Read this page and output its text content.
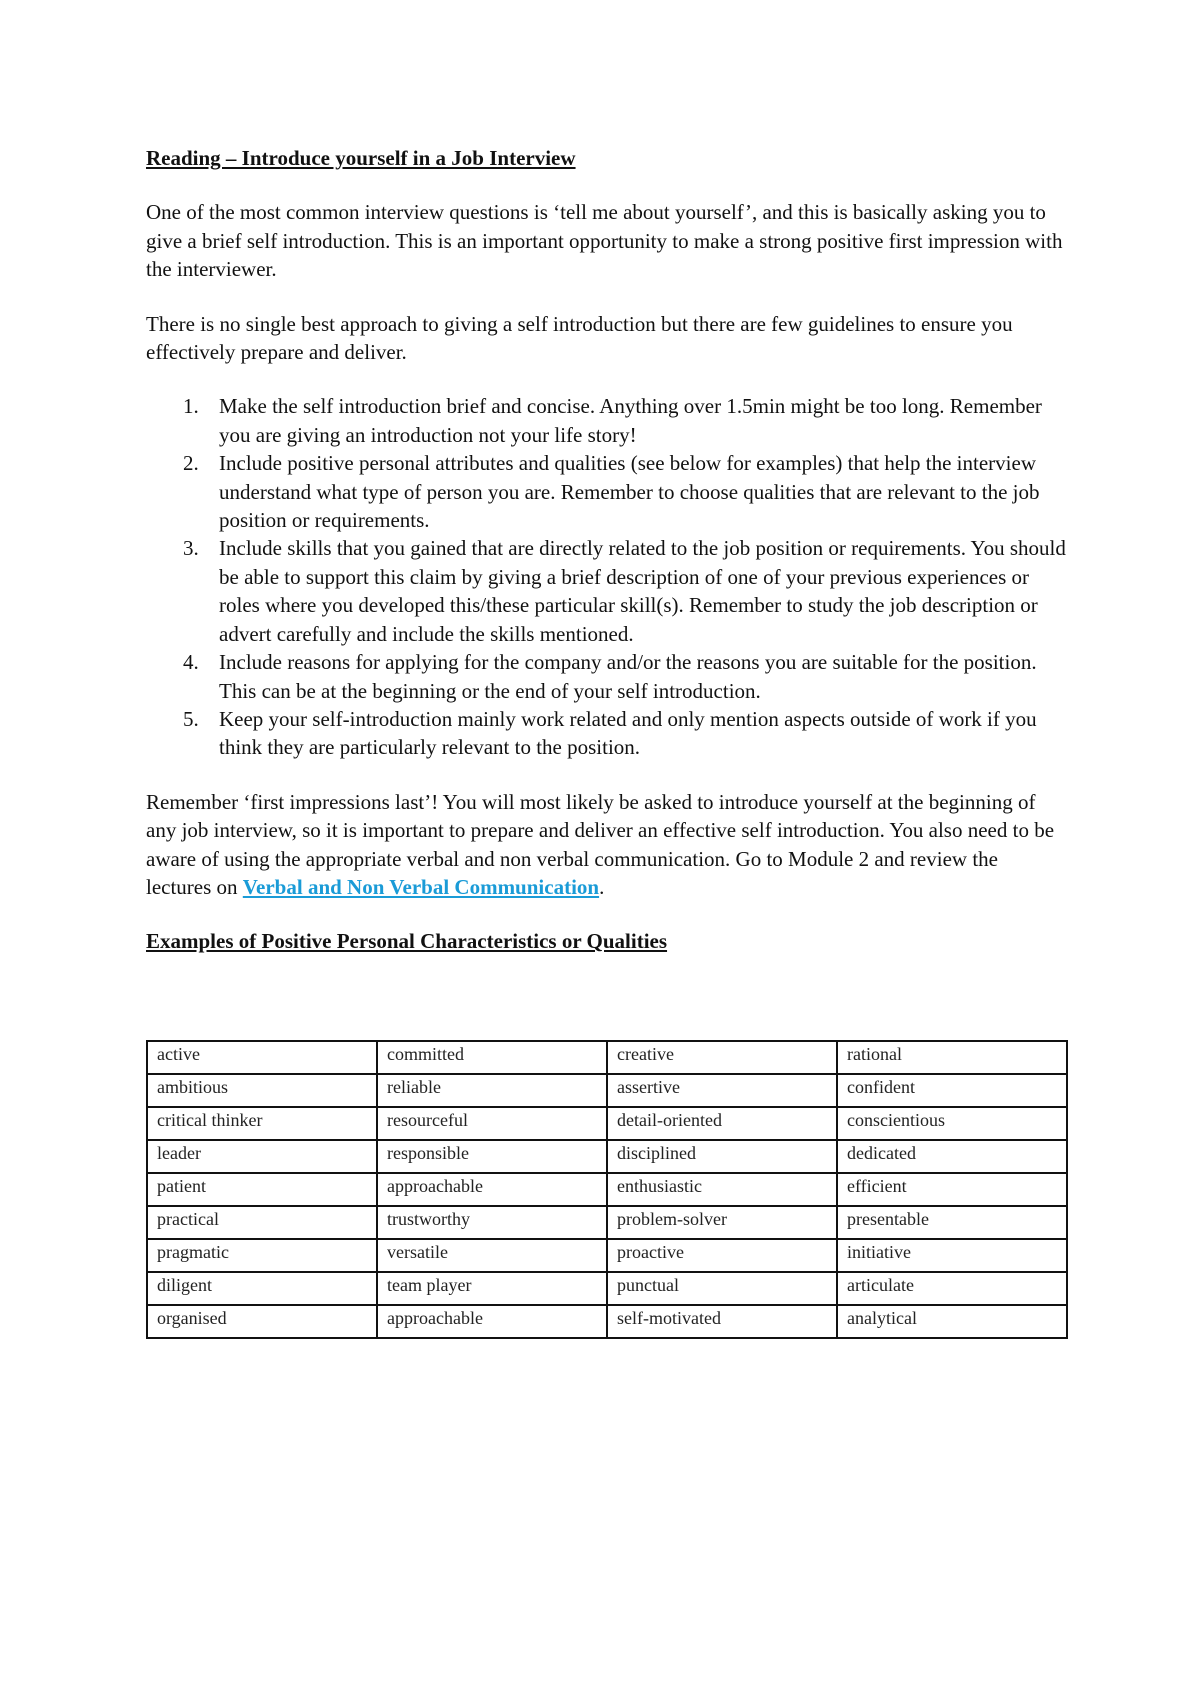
Reading – Introduce yourself in a Job Interview

One of the most common interview questions is ‘tell me about yourself’, and this is basically asking you to give a brief self introduction. This is an important opportunity to make a strong positive first impression with the interviewer.

There is no single best approach to giving a self introduction but there are few guidelines to ensure you effectively prepare and deliver.

1. Make the self introduction brief and concise. Anything over 1.5min might be too long. Remember you are giving an introduction not your life story!
2. Include positive personal attributes and qualities (see below for examples) that help the interview understand what type of person you are. Remember to choose qualities that are relevant to the job position or requirements.
3. Include skills that you gained that are directly related to the job position or requirements. You should be able to support this claim by giving a brief description of one of your previous experiences or roles where you developed this/these particular skill(s). Remember to study the job description or advert carefully and include the skills mentioned.
4. Include reasons for applying for the company and/or the reasons you are suitable for the position. This can be at the beginning or the end of your self introduction.
5. Keep your self-introduction mainly work related and only mention aspects outside of work if you think they are particularly relevant to the position.

Remember ‘first impressions last’! You will most likely be asked to introduce yourself at the beginning of any job interview, so it is important to prepare and deliver an effective self introduction. You also need to be aware of using the appropriate verbal and non verbal communication. Go to Module 2 and review the lectures on Verbal and Non Verbal Communication.

Examples of Positive Personal Characteristics or Qualities

active	committed	creative	rational
ambitious	reliable	assertive	confident
critical thinker	resourceful	detail-oriented	conscientious
leader	responsible	disciplined	dedicated
patient	approachable	enthusiastic	efficient
practical	trustworthy	problem-solver	presentable
pragmatic	versatile	proactive	initiative
diligent	team player	punctual	articulate
organised	approachable	self-motivated	analytical
